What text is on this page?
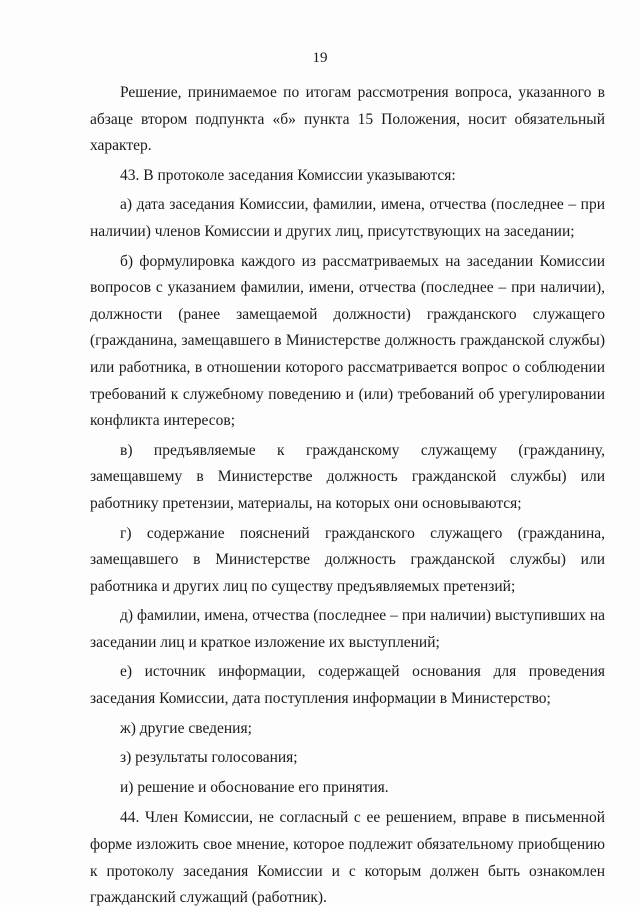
19

Решение, принимаемое по итогам рассмотрения вопроса, указанного в абзаце втором подпункта «б» пункта 15 Положения, носит обязательный характер.

43. В протоколе заседания Комиссии указываются:

а) дата заседания Комиссии, фамилии, имена, отчества (последнее – при наличии) членов Комиссии и других лиц, присутствующих на заседании;

б) формулировка каждого из рассматриваемых на заседании Комиссии вопросов с указанием фамилии, имени, отчества (последнее – при наличии), должности (ранее замещаемой должности) гражданского служащего (гражданина, замещавшего в Министерстве должность гражданской службы) или работника, в отношении которого рассматривается вопрос о соблюдении требований к служебному поведению и (или) требований об урегулировании конфликта интересов;

в) предъявляемые к гражданскому служащему (гражданину, замещавшему в Министерстве должность гражданской службы) или работнику претензии, материалы, на которых они основываются;

г) содержание пояснений гражданского служащего (гражданина, замещавшего в Министерстве должность гражданской службы) или работника и других лиц по существу предъявляемых претензий;

д) фамилии, имена, отчества (последнее – при наличии) выступивших на заседании лиц и краткое изложение их выступлений;

е) источник информации, содержащей основания для проведения заседания Комиссии, дата поступления информации в Министерство;

ж) другие сведения;

з) результаты голосования;

и) решение и обоснование его принятия.

44. Член Комиссии, не согласный с ее решением, вправе в письменной форме изложить свое мнение, которое подлежит обязательному приобщению к протоколу заседания Комиссии и с которым должен быть ознакомлен гражданский служащий (работник).
